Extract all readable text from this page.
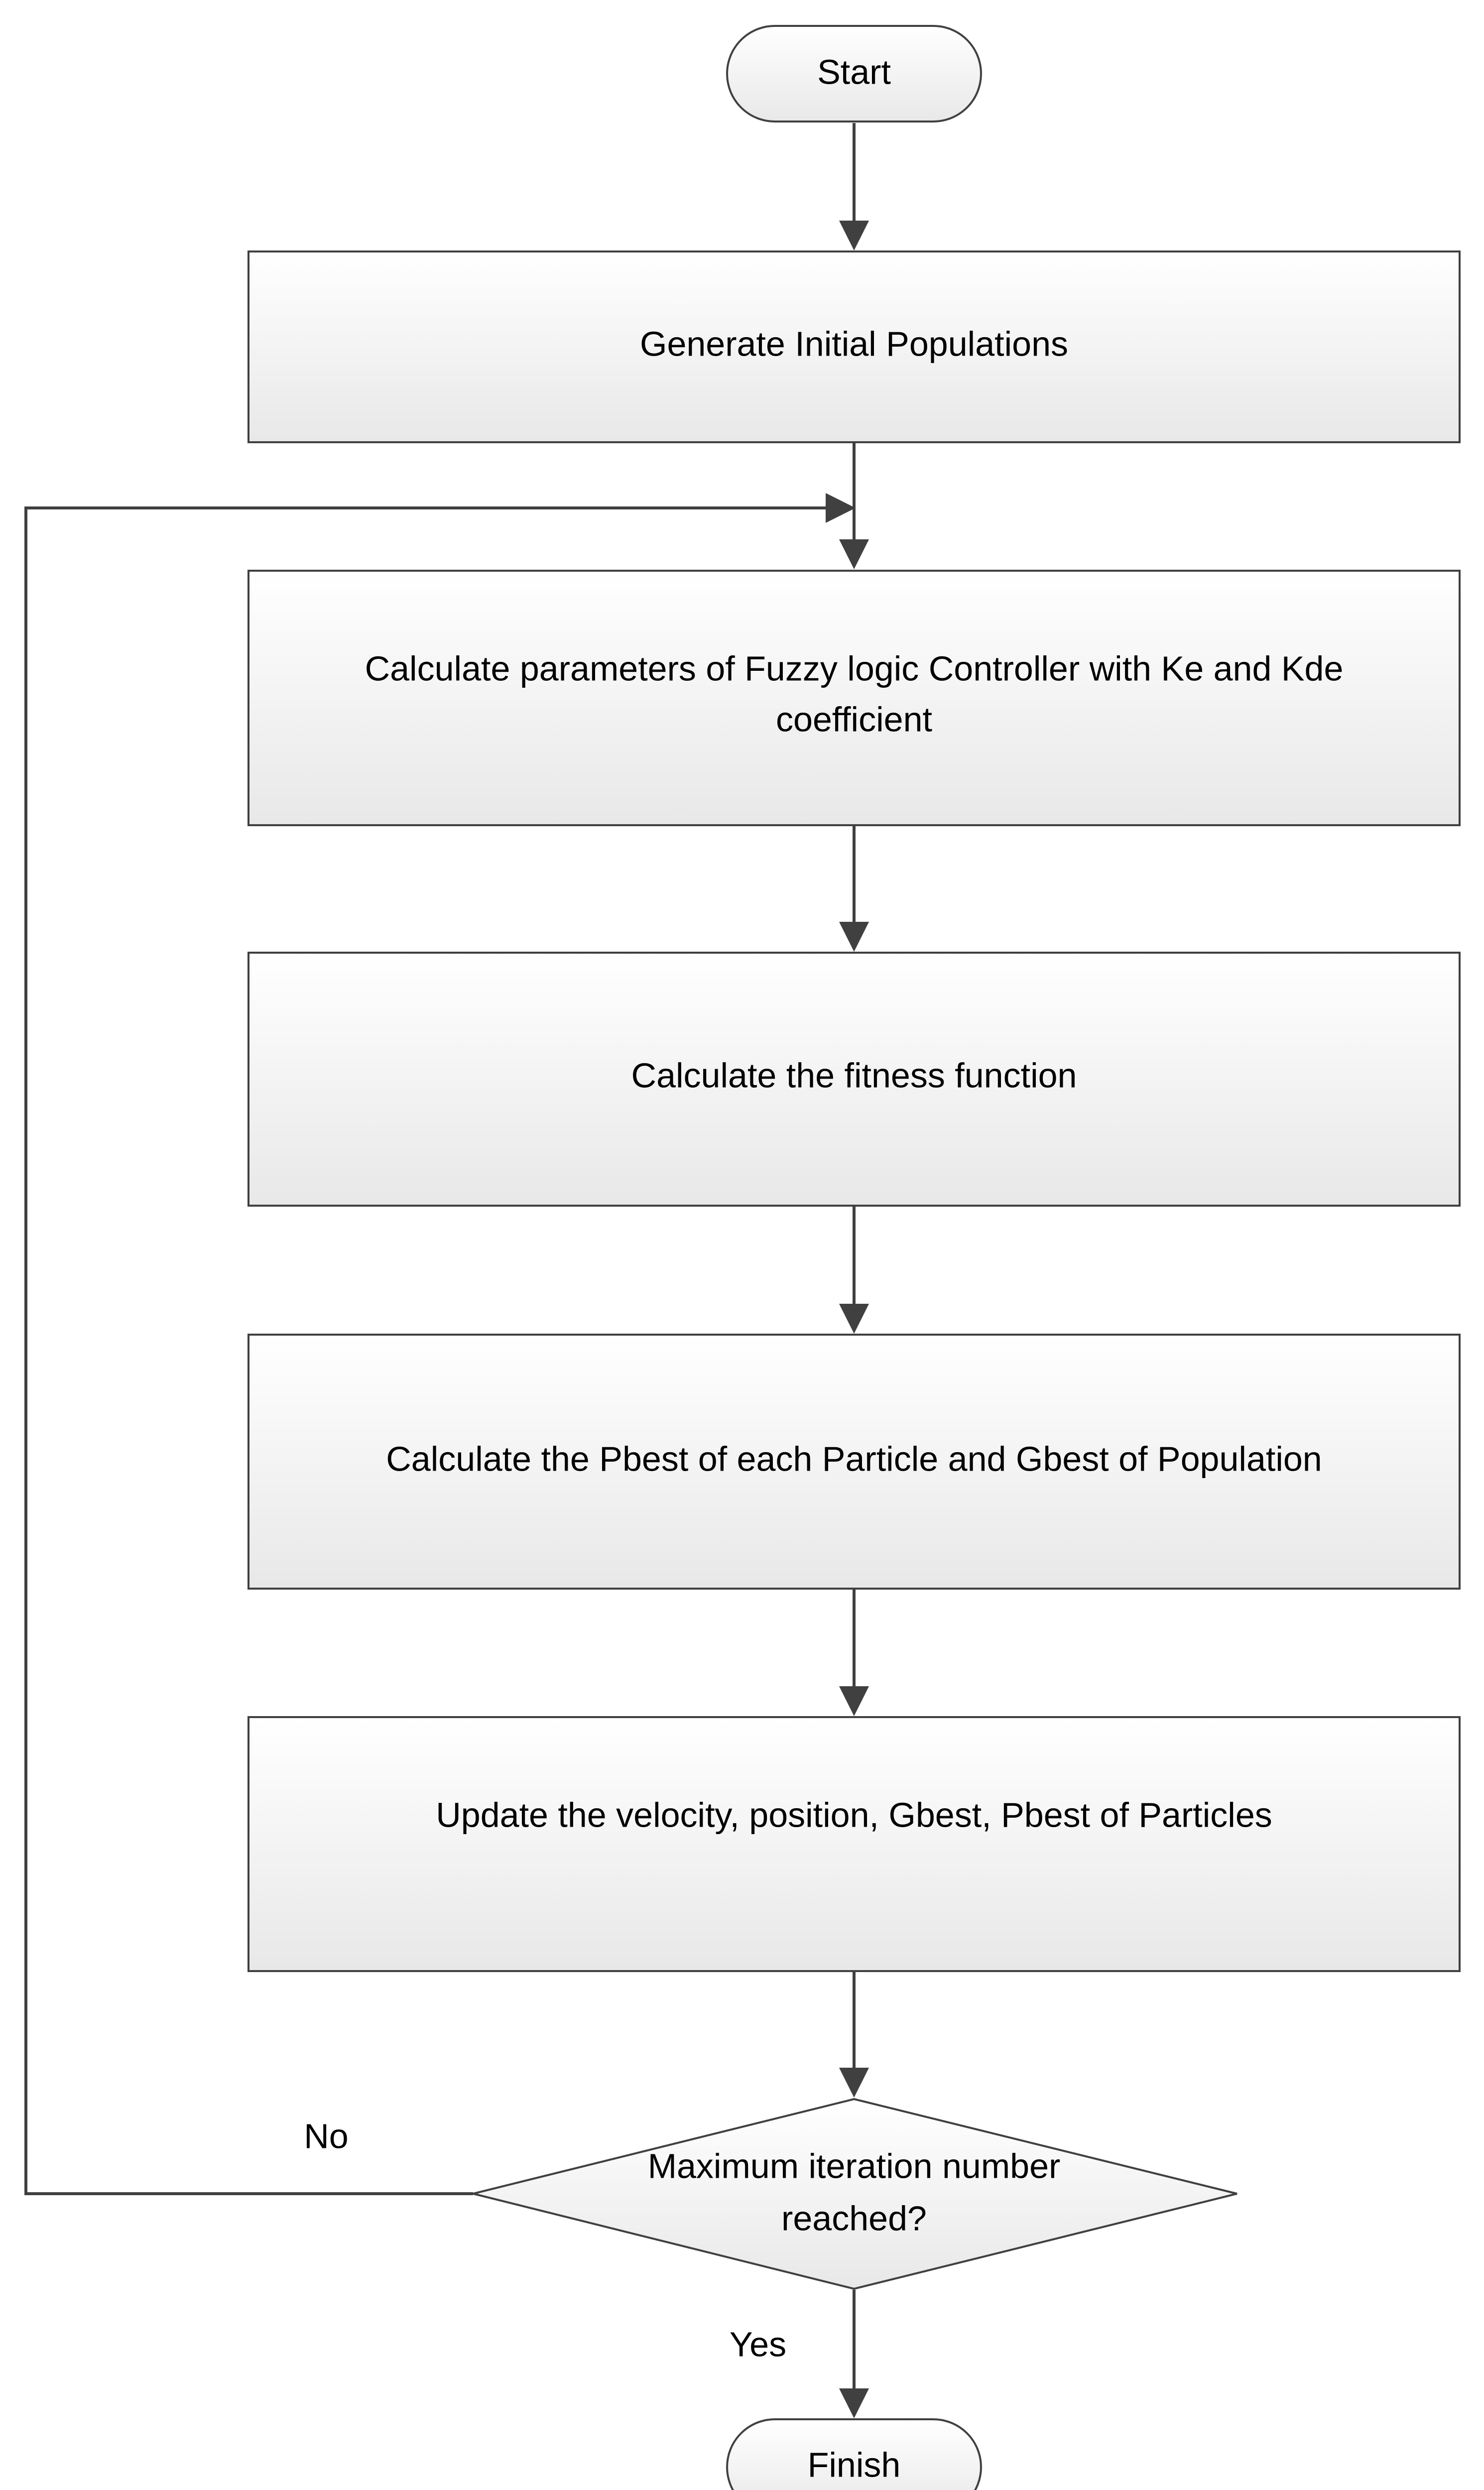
Start
Generate Initial Populations
Calculate parameters of Fuzzy logic Controller with Ke and Kde
coefficient
Calculate the fitness function
Calculate the Pbest of each Particle and Gbest of Population
Update the velocity, position, Gbest, Pbest of Particles
Maximum iteration number
reached?
Finish
No
Yes
